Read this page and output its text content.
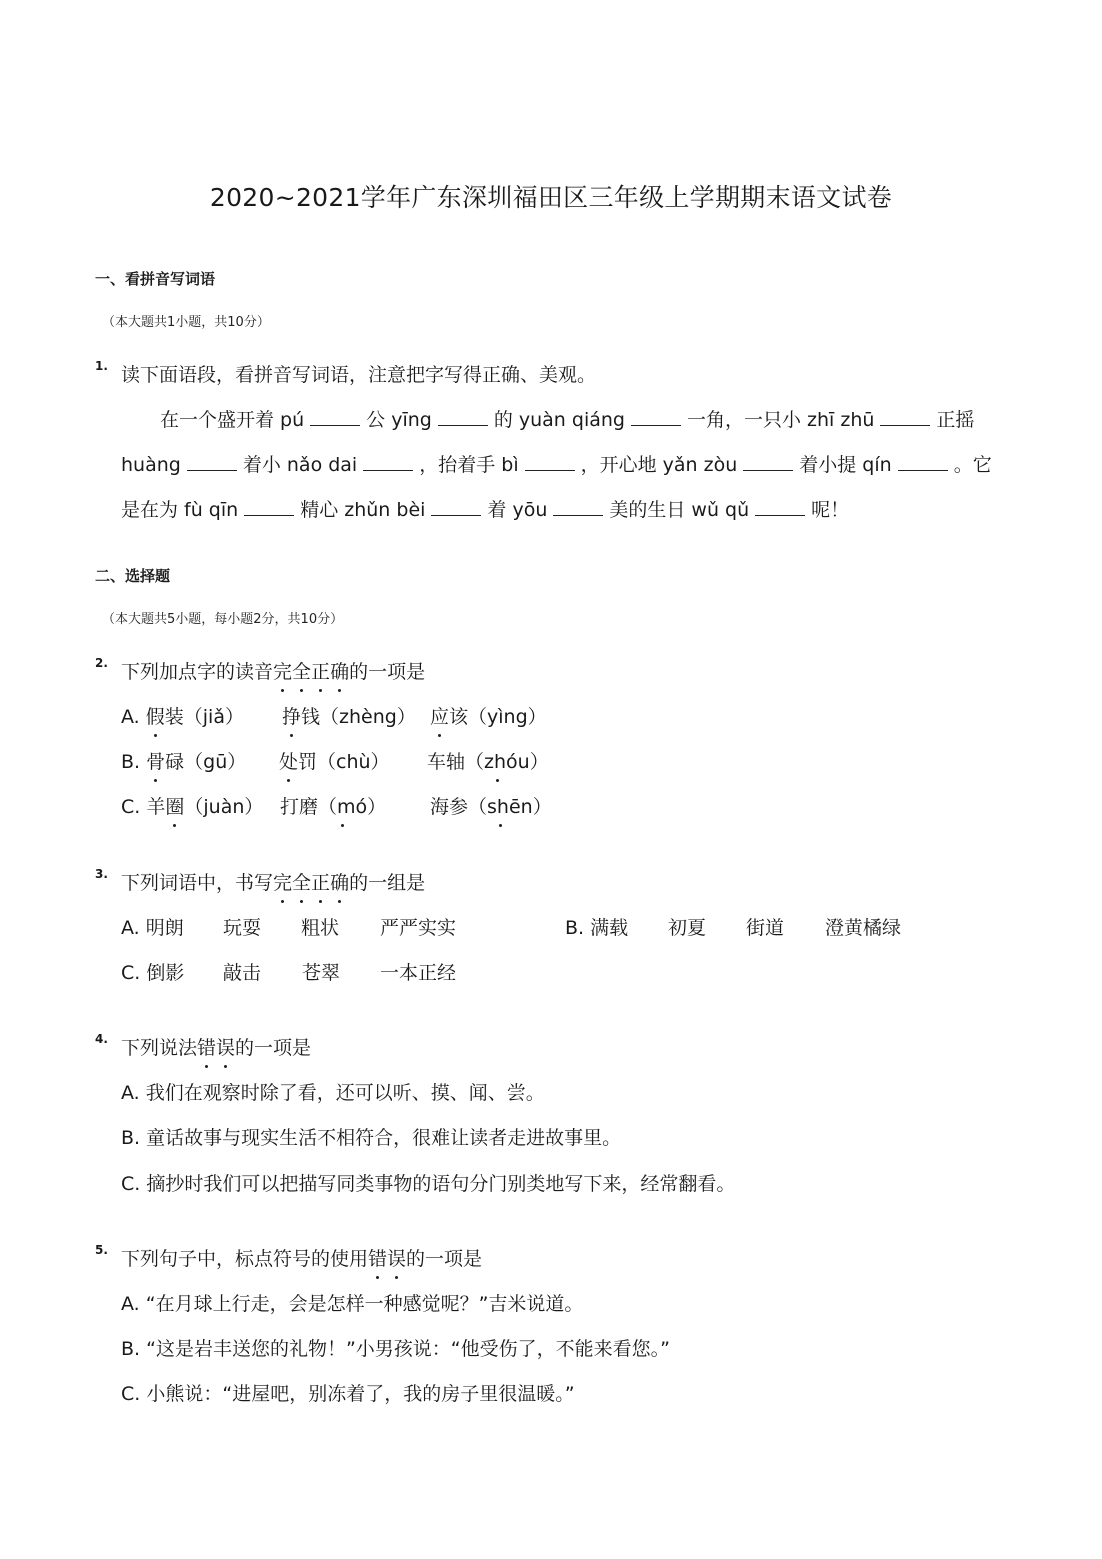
2020~2021学年广东深圳福田区三年级上学期期末语文试卷
一、看拼音写词语
（本大题共1小题，共10分）
1. 读下面语段，看拼音写词语，注意把字写得正确、美观。
在一个盛开着 pú	公 yīng	的 yuàn qiáng	一角，一只小 zhī zhū	正摇
huàng	着小 nǎo dai	，抬着手 bì	，开心地 yǎn zòu	着小提 qín	。它
是在为 fù qīn	精心 zhǔn bèi	着 yōu	美的生日 wǔ qǔ	呢！
二、选择题
（本大题共5小题，每小题2分，共10分）
2. 下列加点字的读音完全正确的一项是
A. 假装（jiǎ） 挣钱（zhèng） 应该（yìng）
B. 骨碌（gū） 处罚（chù） 车轴（zhóu）
C. 羊圈（juàn） 打磨（mó） 海参（shēn）
3. 下列词语中，书写完全正确的一组是
A. 明朗 玩耍 粗状 严严实实	B. 满载 初夏 街道 澄黄橘绿
C. 倒影 敲击 苍翠 一本正经
4. 下列说法错误的一项是
A. 我们在观察时除了看，还可以听、摸、闻、尝。
B. 童话故事与现实生活不相符合，很难让读者走进故事里。
C. 摘抄时我们可以把描写同类事物的语句分门别类地写下来，经常翻看。
5. 下列句子中，标点符号的使用错误的一项是
A. “在月球上行走，会是怎样一种感觉呢？”吉米说道。
B. “这是岩丰送您的礼物！”小男孩说：“他受伤了，不能来看您。”
C. 小熊说：“进屋吧，别冻着了，我的房子里很温暖。”
